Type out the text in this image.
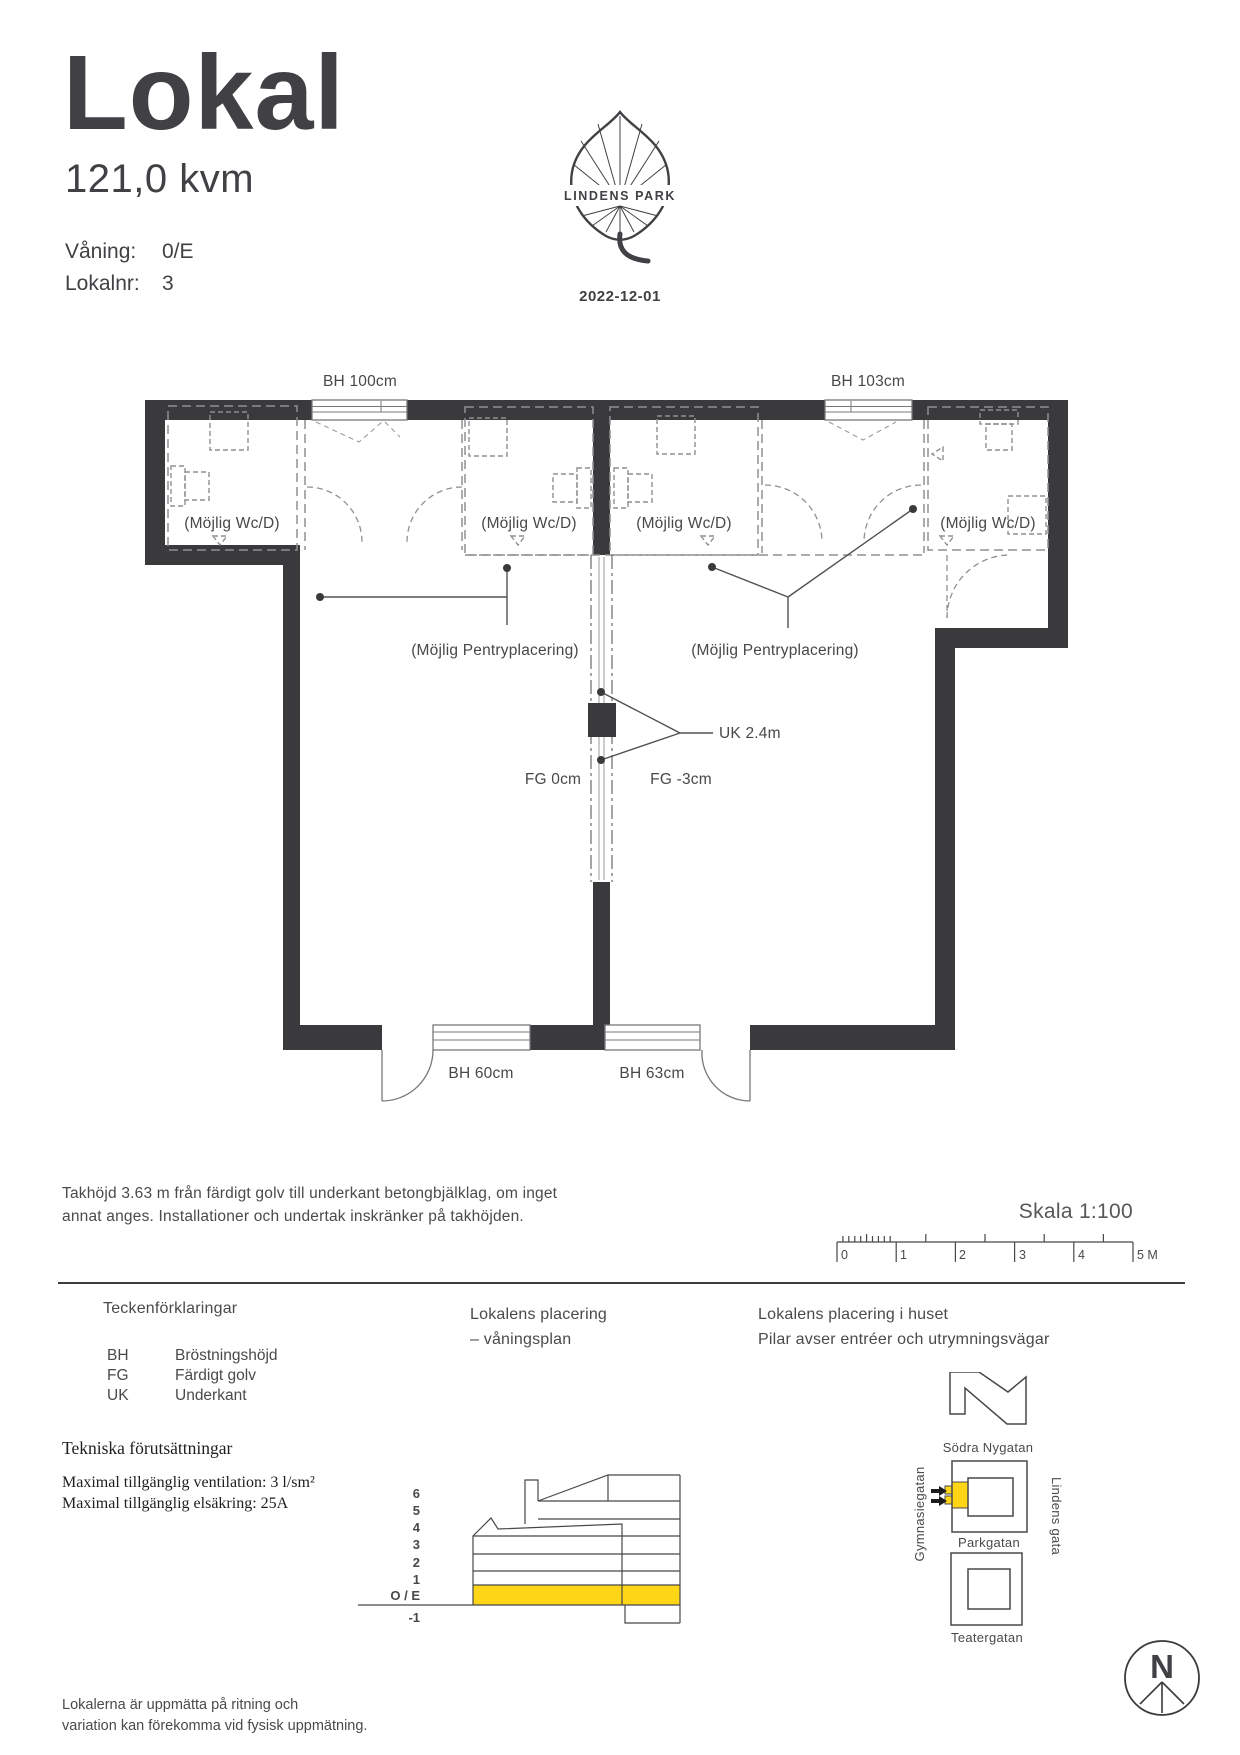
Lokal
121,0 kvm
Våning: 0/E
Lokalnr: 3
LINDENS PARK
2022-12-01
BH 100cm	BH 103cm
(Möjlig Wc/D)	(Möjlig Wc/D)	(Möjlig Wc/D)	(Möjlig Wc/D)
(Möjlig Pentryplacering)	(Möjlig Pentryplacering)
UK 2.4m
FG 0cm	FG -3cm
BH 60cm	BH 63cm
Takhöjd 3.63 m från färdigt golv till underkant betongbjälklag, om inget
annat anges. Installationer och undertak inskränker på takhöjden.	Skala 1:100
0	1	2	3	4	5 M
Teckenförklaringar
BH	Bröstningshöjd
FG	Färdigt golv
UK	Underkant
Tekniska förutsättningar
Maximal tillgänglig ventilation: 3 l/sm²
Maximal tillgänglig elsäkring: 25A
Lokalens placering
– våningsplan
6
5
4
3
2
1
O / E
-1
Lokalens placering i huset
Pilar avser entréer och utrymningsvägar
Södra Nygatan
Parkgatan
Gymnasiegatan	Lindens gata
Teatergatan
N
Lokalerna är uppmätta på ritning och
variation kan förekomma vid fysisk uppmätning.
